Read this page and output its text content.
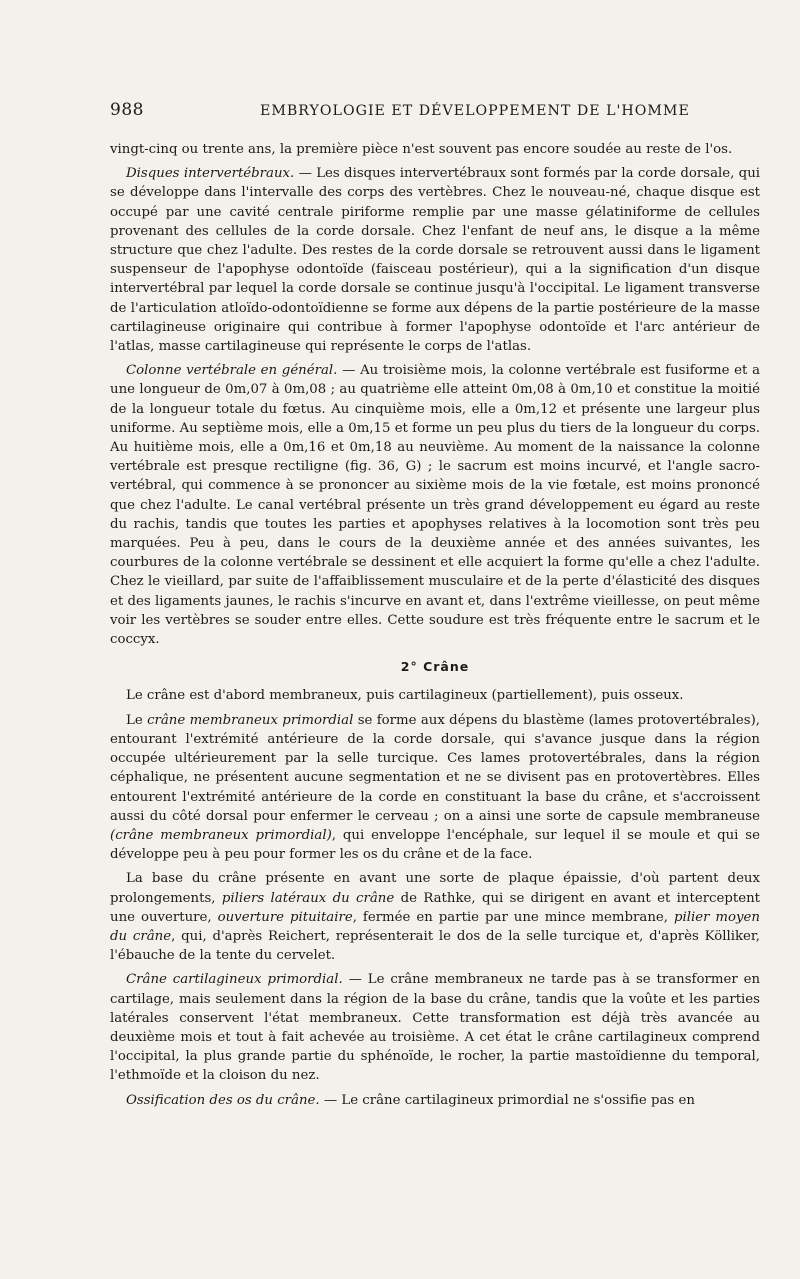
988	EMBRYOLOGIE ET DÉVELOPPEMENT DE L'HOMME

vingt-cinq ou trente ans, la première pièce n'est souvent pas encore soudée au reste de l'os.

Disques intervertébraux. — Les disques intervertébraux sont formés par la corde dorsale, qui se développe dans l'intervalle des corps des vertèbres. Chez le nouveau-né, chaque disque est occupé par une cavité centrale piriforme remplie par une masse gélatiniforme de cellules provenant des cellules de la corde dorsale. Chez l'enfant de neuf ans, le disque a la même structure que chez l'adulte. Des restes de la corde dorsale se retrouvent aussi dans le ligament suspenseur de l'apophyse odontoïde (faisceau postérieur), qui a la signification d'un disque intervertébral par lequel la corde dorsale se continue jusqu'à l'occipital. Le ligament transverse de l'articulation atloïdo-odontoïdienne se forme aux dépens de la partie postérieure de la masse cartilagineuse originaire qui contribue à former l'apophyse odontoïde et l'arc antérieur de l'atlas, masse cartilagineuse qui représente le corps de l'atlas.

Colonne vertébrale en général. — Au troisième mois, la colonne vertébrale est fusiforme et a une longueur de 0m,07 à 0m,08 ; au quatrième elle atteint 0m,08 à 0m,10 et constitue la moitié de la longueur totale du fœtus. Au cinquième mois, elle a 0m,12 et présente une largeur plus uniforme. Au septième mois, elle a 0m,15 et forme un peu plus du tiers de la longueur du corps. Au huitième mois, elle a 0m,16 et 0m,18 au neuvième. Au moment de la naissance la colonne vertébrale est presque rectiligne (fig. 36, G) ; le sacrum est moins incurvé, et l'angle sacro-vertébral, qui commence à se prononcer au sixième mois de la vie fœtale, est moins prononcé que chez l'adulte. Le canal vertébral présente un très grand développement eu égard au reste du rachis, tandis que toutes les parties et apophyses relatives à la locomotion sont très peu marquées. Peu à peu, dans le cours de la deuxième année et des années suivantes, les courbures de la colonne vertébrale se dessinent et elle acquiert la forme qu'elle a chez l'adulte. Chez le vieillard, par suite de l'affaiblissement musculaire et de la perte d'élasticité des disques et des ligaments jaunes, le rachis s'incurve en avant et, dans l'extrême vieillesse, on peut même voir les vertèbres se souder entre elles. Cette soudure est très fréquente entre le sacrum et le coccyx.

2° Crâne

Le crâne est d'abord membraneux, puis cartilagineux (partiellement), puis osseux.

Le crâne membraneux primordial se forme aux dépens du blastème (lames protovertébrales), entourant l'extrémité antérieure de la corde dorsale, qui s'avance jusque dans la région occupée ultérieurement par la selle turcique. Ces lames protovertébrales, dans la région céphalique, ne présentent aucune segmentation et ne se divisent pas en protovertèbres. Elles entourent l'extrémité antérieure de la corde en constituant la base du crâne, et s'accroissent aussi du côté dorsal pour enfermer le cerveau ; on a ainsi une sorte de capsule membraneuse (crâne membraneux primordial), qui enveloppe l'encéphale, sur lequel il se moule et qui se développe peu à peu pour former les os du crâne et de la face.

La base du crâne présente en avant une sorte de plaque épaissie, d'où partent deux prolongements, piliers latéraux du crâne de Rathke, qui se dirigent en avant et interceptent une ouverture, ouverture pituitaire, fermée en partie par une mince membrane, pilier moyen du crâne, qui, d'après Reichert, représenterait le dos de la selle turcique et, d'après Kölliker, l'ébauche de la tente du cervelet.

Crâne cartilagineux primordial. — Le crâne membraneux ne tarde pas à se transformer en cartilage, mais seulement dans la région de la base du crâne, tandis que la voûte et les parties latérales conservent l'état membraneux. Cette transformation est déjà très avancée au deuxième mois et tout à fait achevée au troisième. A cet état le crâne cartilagineux comprend l'occipital, la plus grande partie du sphénoïde, le rocher, la partie mastoïdienne du temporal, l'ethmoïde et la cloison du nez.

Ossification des os du crâne. — Le crâne cartilagineux primordial ne s'ossifie pas en
